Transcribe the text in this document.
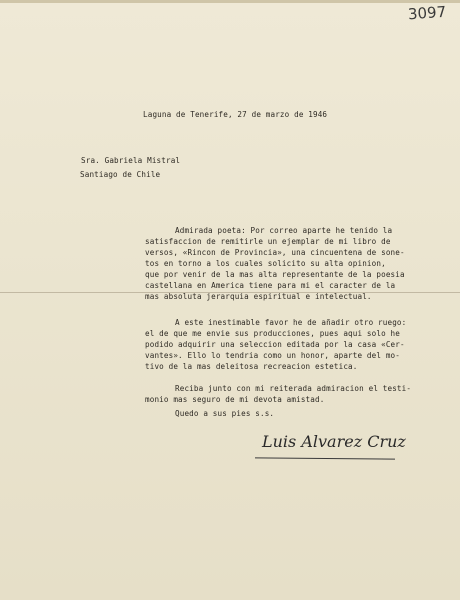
3097
Laguna de Tenerife, 27 de marzo de 1946
Sra. Gabriela Mistral
Santiago de Chile
Admirada poeta: Por correo aparte he tenido la
satisfaccion de remitirle un ejemplar de mi libro de
versos, «Rincon de Provincia», una cincuentena de sone-
tos en torno a los cuales solicito su alta opinion,
que por venir de la mas alta representante de la poesia
castellana en America tiene para mi el caracter de la
mas absoluta jerarquia espiritual e intelectual.
A este inestimable favor he de añadir otro ruego:
el de que me envie sus producciones, pues aqui solo he
podido adquirir una seleccion editada por la casa «Cer-
vantes». Ello lo tendria como un honor, aparte del mo-
tivo de la mas deleitosa recreacion estetica.
Reciba junto con mi reiterada admiracion el testi-
monio mas seguro de mi devota amistad.
Quedo a sus pies s.s.
Luis Alvarez Cruz
